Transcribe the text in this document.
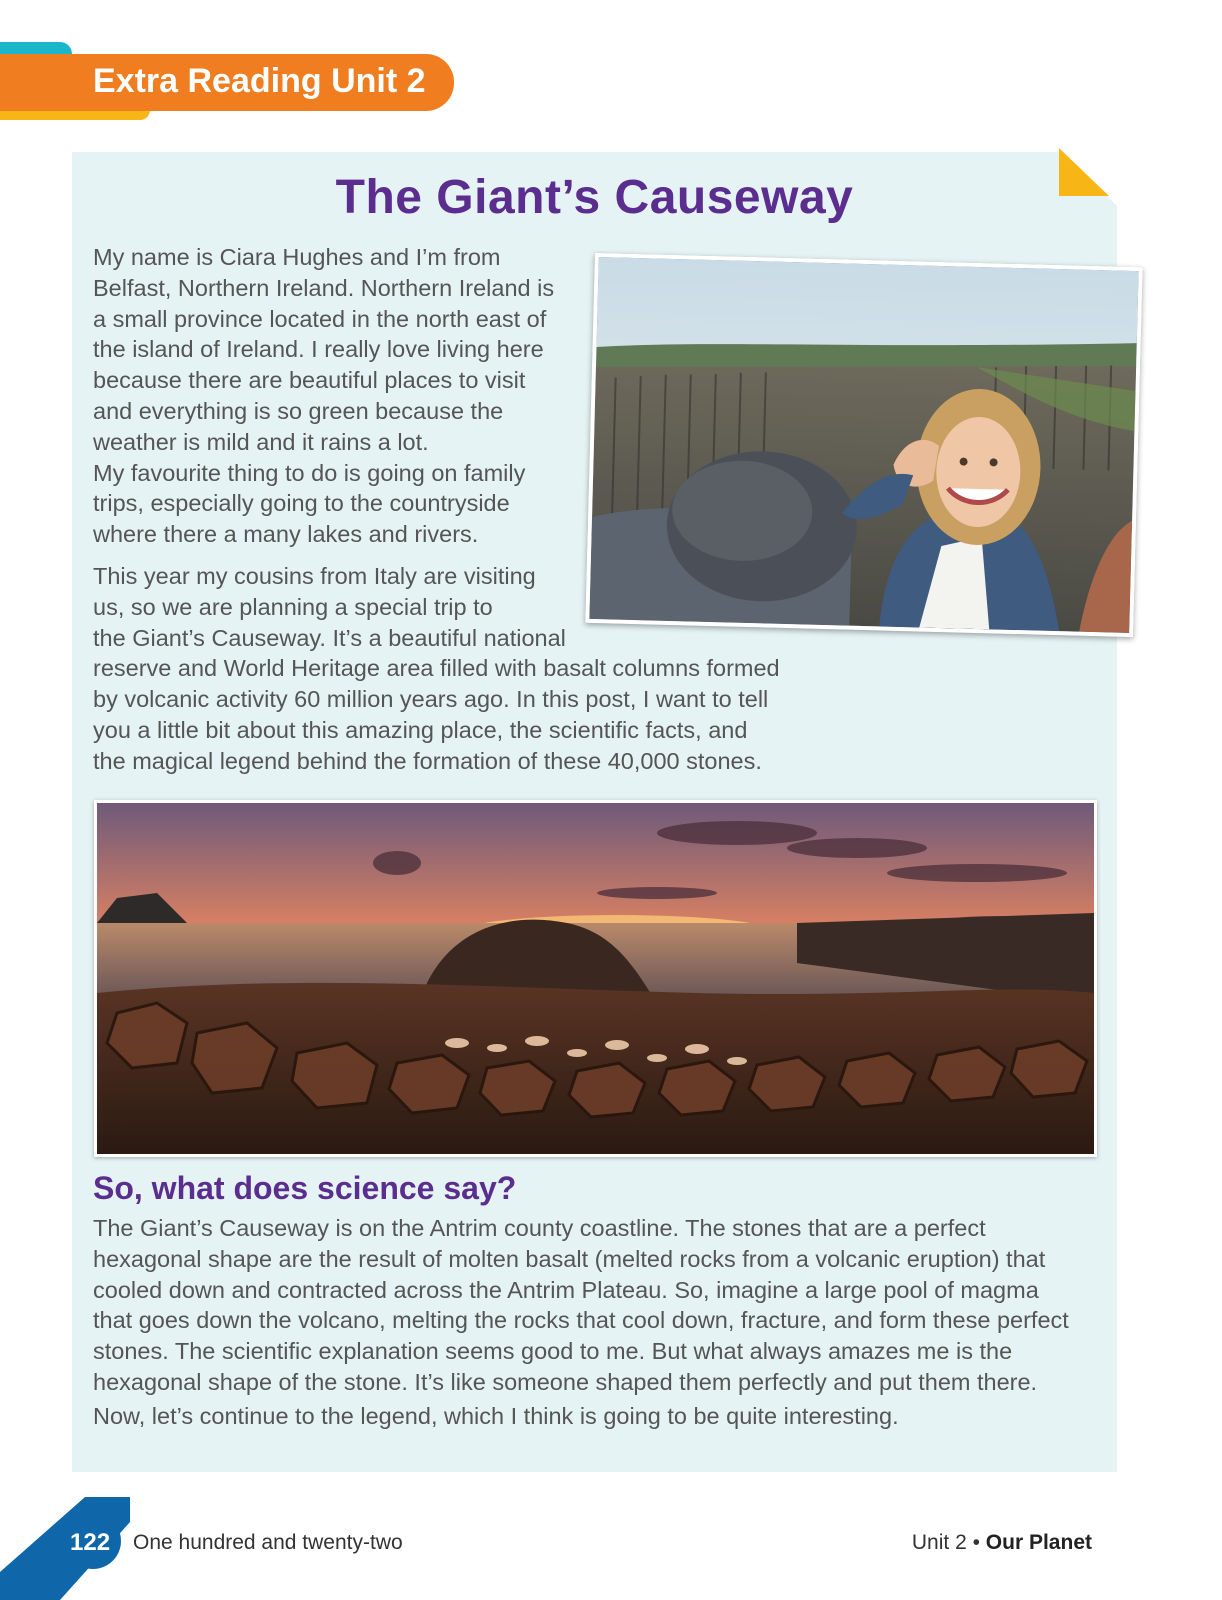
Extra Reading Unit 2
The Giant’s Causeway

My name is Ciara Hughes and I’m from
Belfast, Northern Ireland. Northern Ireland is
a small province located in the north east of
the island of Ireland. I really love living here
because there are beautiful places to visit
and everything is so green because the
weather is mild and it rains a lot.
My favourite thing to do is going on family
trips, especially going to the countryside
where there a many lakes and rivers.

This year my cousins from Italy are visiting
us, so we are planning a special trip to
the Giant’s Causeway. It’s a beautiful national
reserve and World Heritage area filled with basalt columns formed
by volcanic activity 60 million years ago. In this post, I want to tell
you a little bit about this amazing place, the scientific facts, and
the magical legend behind the formation of these 40,000 stones.

So, what does science say?

The Giant’s Causeway is on the Antrim county coastline. The stones that are a perfect
hexagonal shape are the result of molten basalt (melted rocks from a volcanic eruption) that
cooled down and contracted across the Antrim Plateau. So, imagine a large pool of magma
that goes down the volcano, melting the rocks that cool down, fracture, and form these perfect
stones. The scientific explanation seems good to me. But what always amazes me is the
hexagonal shape of the stone. It’s like someone shaped them perfectly and put them there.

Now, let’s continue to the legend, which I think is going to be quite interesting.

122 One hundred and twenty-two	Unit 2 • Our Planet
